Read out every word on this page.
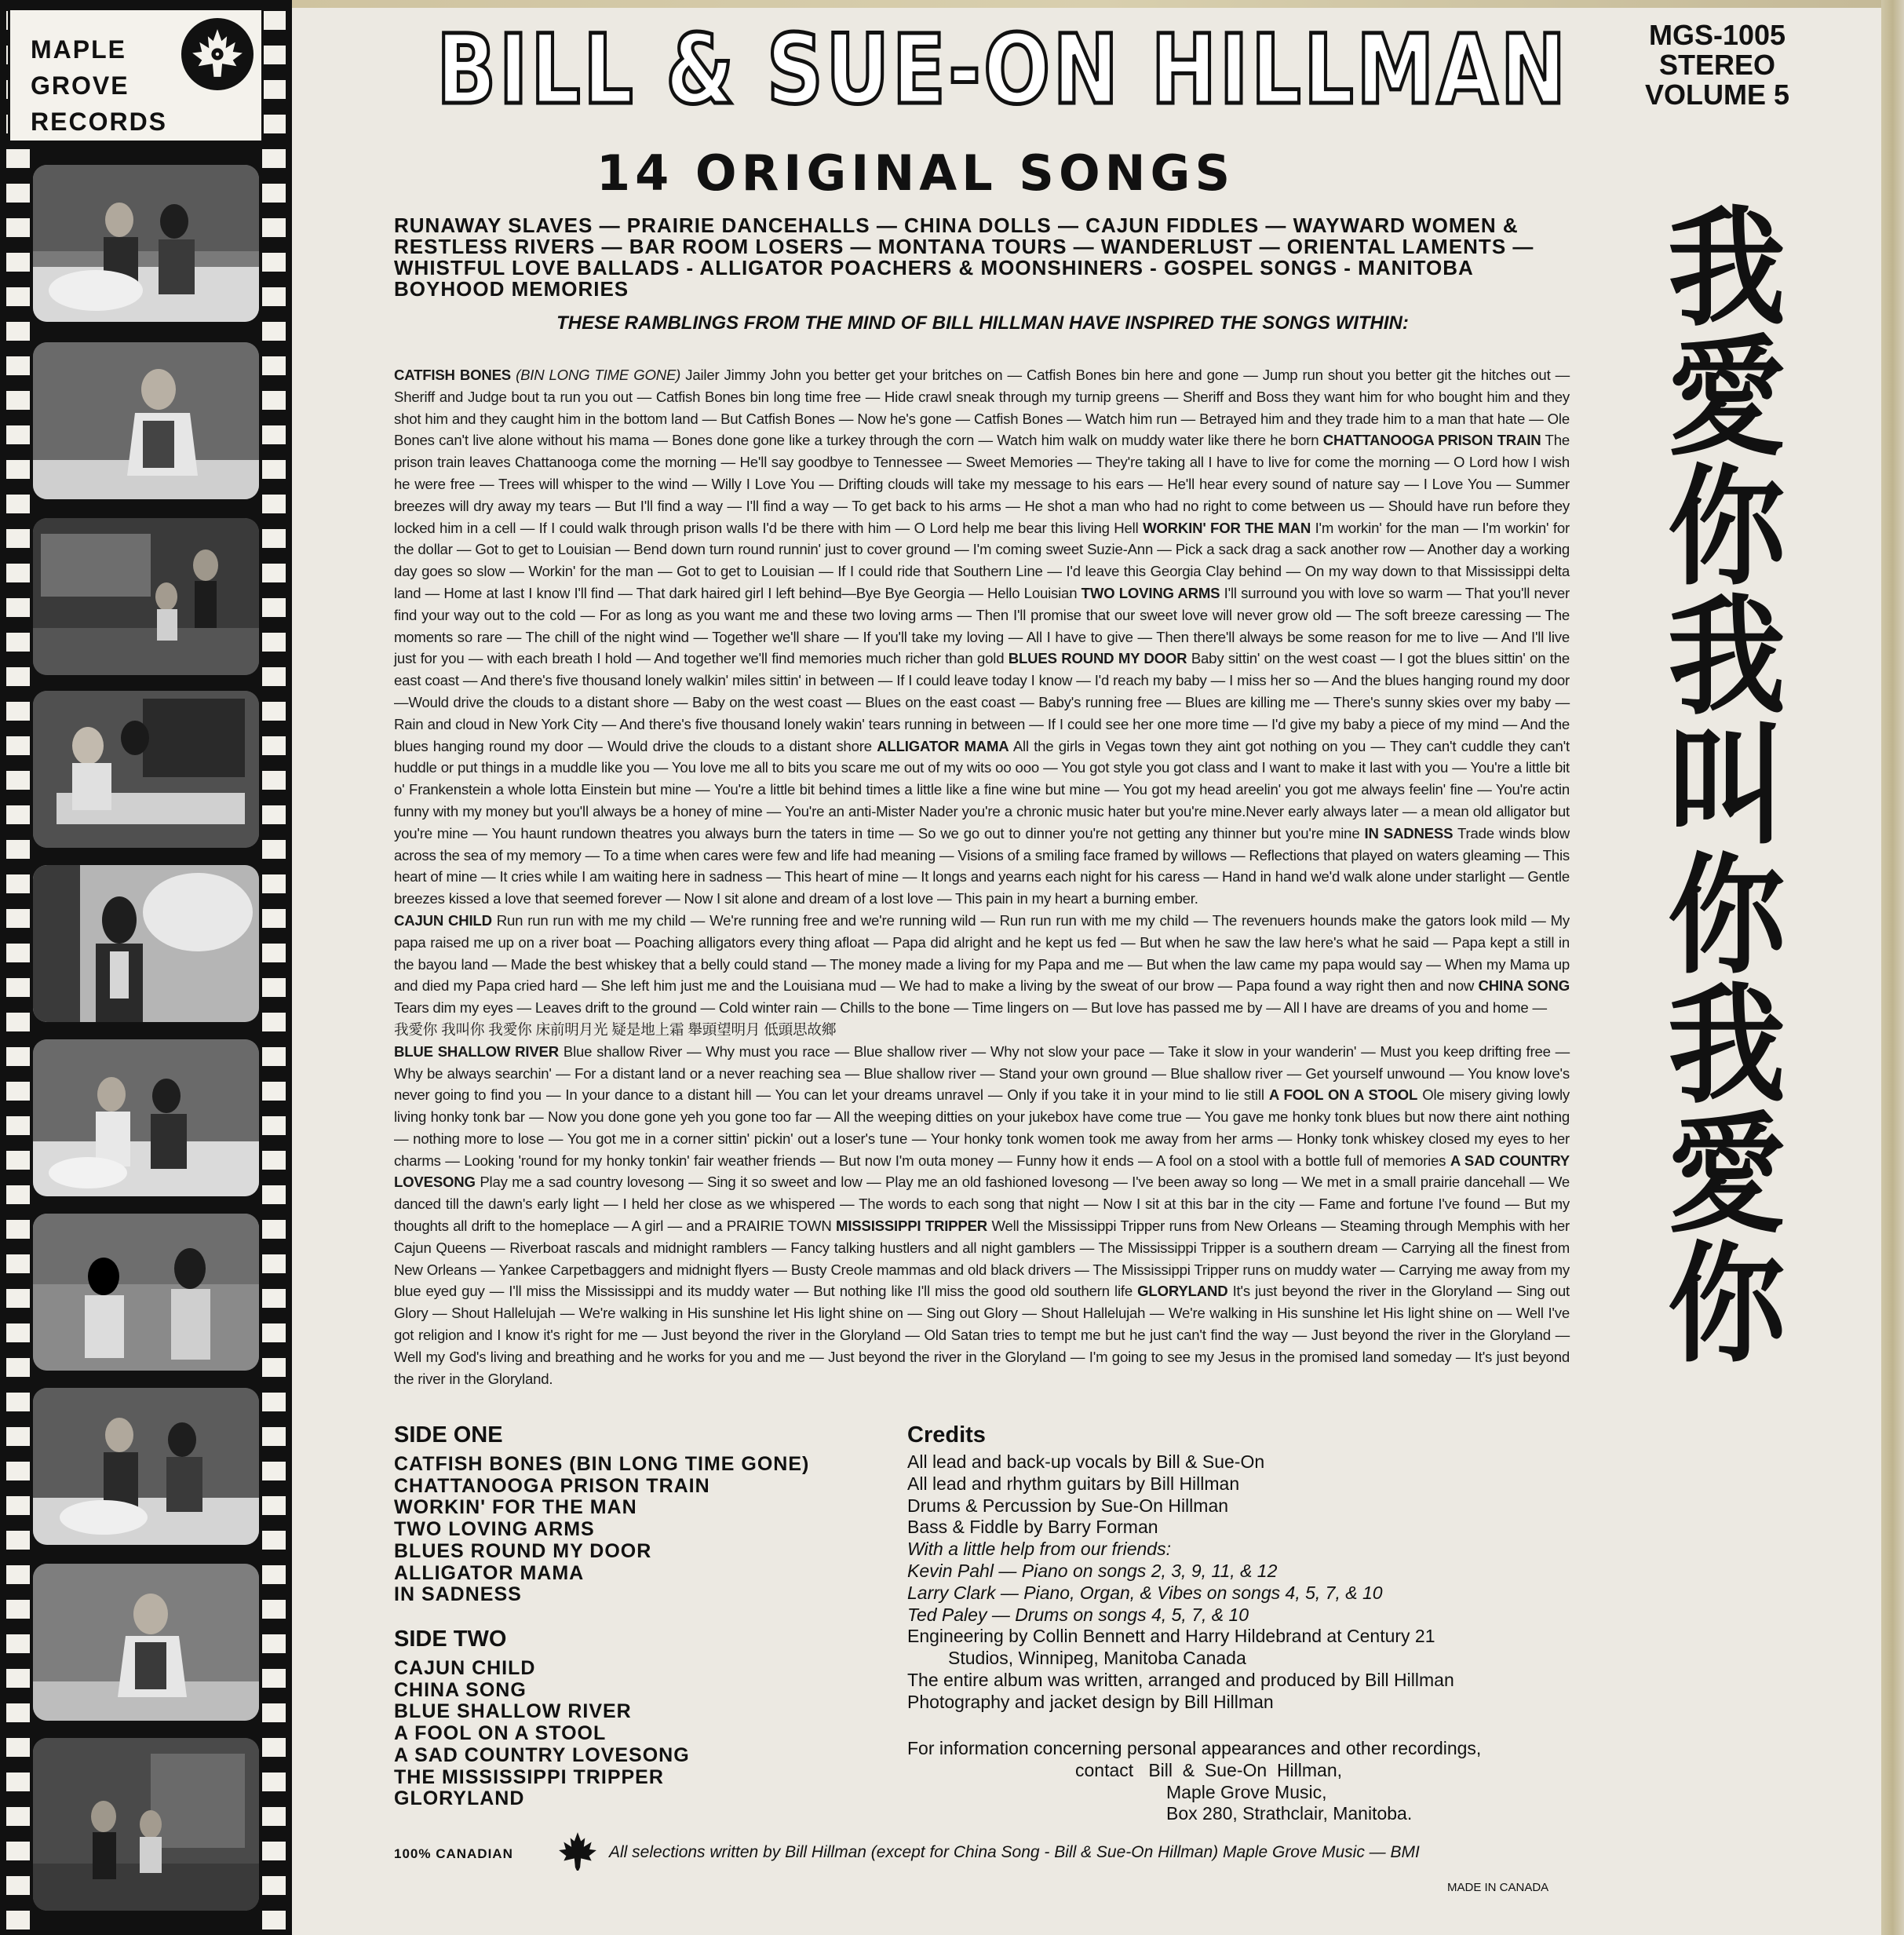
MAPLE
GROVE
RECORDS	BILL & SUE-ON HILLMAN
14 ORIGINAL SONGS
MGS-1005
STEREO
VOLUME 5
RUNAWAY SLAVES — PRAIRIE DANCEHALLS — CHINA DOLLS — CAJUN FIDDLES — WAYWARD WOMEN & RESTLESS RIVERS — BAR ROOM LOSERS — MONTANA TOURS — WANDERLUST — ORIENTAL LAMENTS — WHISTFUL LOVE BALLADS - ALLIGATOR POACHERS & MOONSHINERS - GOSPEL SONGS - MANITOBA BOYHOOD MEMORIES
THESE RAMBLINGS FROM THE MIND OF BILL HILLMAN HAVE INSPIRED THE SONGS WITHIN:

CATFISH BONES (BIN LONG TIME GONE) Jailer Jimmy John you better get your britches on — Catfish Bones bin here and gone — Jump run shout you better git the hitches out — Sheriff and Judge bout ta run you out — Catfish Bones bin long time free — Hide crawl sneak through my turnip greens — Sheriff and Boss they want him for who bought him and they shot him and they caught him in the bottom land — But Catfish Bones — Now he's gone — Catfish Bones — Watch him run — Betrayed him and they trade him to a man that hate — Ole Bones can't live alone without his mama — Bones done gone like a turkey through the corn — Watch him walk on muddy water like there he born CHATTANOOGA PRISON TRAIN The prison train leaves Chattanooga come the morning — He'll say goodbye to Tennessee — Sweet Memories — They're taking all I have to live for come the morning — O Lord how I wish he were free — Trees will whisper to the wind — Willy I Love You — Drifting clouds will take my message to his ears — He'll hear every sound of nature say — I Love You — Summer breezes will dry away my tears — But I'll find a way — I'll find a way — To get back to his arms — He shot a man who had no right to come between us — Should have run before they locked him in a cell — If I could walk through prison walls I'd be there with him — O Lord help me bear this living Hell WORKIN' FOR THE MAN I'm workin' for the man — I'm workin' for the dollar — Got to get to Louisian — Bend down turn round runnin' just to cover ground — I'm coming sweet Suzie-Ann — Pick a sack drag a sack another row — Another day a working day goes so slow — Workin' for the man — Got to get to Louisian — If I could ride that Southern Line — I'd leave this Georgia Clay behind — On my way down to that Mississippi delta land — Home at last I know I'll find — That dark haired girl I left behind—Bye Bye Georgia — Hello Louisian TWO LOVING ARMS I'll surround you with love so warm — That you'll never find your way out to the cold — For as long as you want me and these two loving arms — Then I'll promise that our sweet love will never grow old — The soft breeze caressing — The moments so rare — The chill of the night wind — Together we'll share — If you'll take my loving — All I have to give — Then there'll always be some reason for me to live — And I'll live just for you — with each breath I hold — And together we'll find memories much richer than gold BLUES ROUND MY DOOR Baby sittin' on the west coast — I got the blues sittin' on the east coast — And there's five thousand lonely walkin' miles sittin' in between — If I could leave today I know — I'd reach my baby — I miss her so — And the blues hanging round my door—Would drive the clouds to a distant shore — Baby on the west coast — Blues on the east coast — Baby's running free — Blues are killing me — There's sunny skies over my baby — Rain and cloud in New York City — And there's five thousand lonely wakin' tears running in between — If I could see her one more time — I'd give my baby a piece of my mind — And the blues hanging round my door — Would drive the clouds to a distant shore ALLIGATOR MAMA All the girls in Vegas town they aint got nothing on you — They can't cuddle they can't huddle or put things in a muddle like you — You love me all to bits you scare me out of my wits oo ooo — You got style you got class and I want to make it last with you — You're a little bit o' Frankenstein a whole lotta Einstein but mine — You're a little bit behind times a little like a fine wine but mine — You got my head areelin' you got me always feelin' fine — You're actin funny with my money but you'll always be a honey of mine — You're an anti-Mister Nader you're a chronic music hater but you're mine.Never early always later — a mean old alligator but you're mine — You haunt rundown theatres you always burn the taters in time — So we go out to dinner you're not getting any thinner but you're mine IN SADNESS Trade winds blow across the sea of my memory — To a time when cares were few and life had meaning — Visions of a smiling face framed by willows — Reflections that played on waters gleaming — This heart of mine — It cries while I am waiting here in sadness — This heart of mine — It longs and yearns each night for his caress — Hand in hand we'd walk alone under starlight — Gentle breezes kissed a love that seemed forever — Now I sit alone and dream of a lost love — This pain in my heart a burning ember.

CAJUN CHILD Run run run with me my child — We're running free and we're running wild — Run run run with me my child — The revenuers hounds make the gators look mild — My papa raised me up on a river boat — Poaching alligators every thing afloat — Papa did alright and he kept us fed — But when he saw the law here's what he said — Papa kept a still in the bayou land — Made the best whiskey that a belly could stand — The money made a living for my Papa and me — But when the law came my papa would say — When my Mama up and died my Papa cried hard — She left him just me and the Louisiana mud — We had to make a living by the sweat of our brow — Papa found a way right then and now CHINA SONG Tears dim my eyes — Leaves drift to the ground — Cold winter rain — Chills to the bone — Time lingers on — But love has passed me by — All I have are dreams of you and home —
我愛你 我叫你 我愛你 床前明月光 疑是地上霜 舉頭望明月 低頭思故鄉

BLUE SHALLOW RIVER Blue shallow River — Why must you race — Blue shallow river — Why not slow your pace — Take it slow in your wanderin' — Must you keep drifting free — Why be always searchin' — For a distant land or a never reaching sea — Blue shallow river — Stand your own ground — Blue shallow river — Get yourself unwound — You know love's never going to find you — In your dance to a distant hill — You can let your dreams unravel — Only if you take it in your mind to lie still A FOOL ON A STOOL Ole misery giving lowly living honky tonk bar — Now you done gone yeh you gone too far — All the weeping ditties on your jukebox have come true — You gave me honky tonk blues but now there aint nothing — nothing more to lose — You got me in a corner sittin' pickin' out a loser's tune — Your honky tonk women took me away from her arms — Honky tonk whiskey closed my eyes to her charms — Looking 'round for my honky tonkin' fair weather friends — But now I'm outa money — Funny how it ends — A fool on a stool with a bottle full of memories A SAD COUNTRY LOVESONG Play me a sad country lovesong — Sing it so sweet and low — Play me an old fashioned lovesong — I've been away so long — We met in a small prairie dancehall — We danced till the dawn's early light — I held her close as we whispered — The words to each song that night — Now I sit at this bar in the city — Fame and fortune I've found — But my thoughts all drift to the homeplace — A girl — and a PRAIRIE TOWN MISSISSIPPI TRIPPER Well the Mississippi Tripper runs from New Orleans — Steaming through Memphis with her Cajun Queens — Riverboat rascals and midnight ramblers — Fancy talking hustlers and all night gamblers — The Mississippi Tripper is a southern dream — Carrying all the finest from New Orleans — Yankee Carpetbaggers and midnight flyers — Busty Creole mammas and old black drivers — The Mississippi Tripper runs on muddy water — Carrying me away from my blue eyed guy — I'll miss the Mississippi and its muddy water — But nothing like I'll miss the good old southern life GLORYLAND It's just beyond the river in the Gloryland — Sing out Glory — Shout Hallelujah — We're walking in His sunshine let His light shine on — Sing out Glory — Shout Hallelujah — We're walking in His sunshine let His light shine on — Well I've got religion and I know it's right for me — Just beyond the river in the Gloryland — Old Satan tries to tempt me but he just can't find the way — Just beyond the river in the Gloryland — Well my God's living and breathing and he works for you and me — Just beyond the river in the Gloryland — I'm going to see my Jesus in the promised land someday — It's just beyond the river in the Gloryland.

SIDE ONE
CATFISH BONES (BIN LONG TIME GONE)
CHATTANOOGA PRISON TRAIN
WORKIN' FOR THE MAN
TWO LOVING ARMS
BLUES ROUND MY DOOR
ALLIGATOR MAMA
IN SADNESS
SIDE TWO
CAJUN CHILD
CHINA SONG
BLUE SHALLOW RIVER
A FOOL ON A STOOL
A SAD COUNTRY LOVESONG
THE MISSISSIPPI TRIPPER
GLORYLAND
Credits
All lead and back-up vocals by Bill & Sue-On
All lead and rhythm guitars by Bill Hillman
Drums & Percussion by Sue-On Hillman
Bass & Fiddle by Barry Forman
With a little help from our friends:
Kevin Pahl — Piano on songs 2, 3, 9, 11, & 12
Larry Clark — Piano, Organ, & Vibes on songs 4, 5, 7, & 10
Ted Paley — Drums on songs 4, 5, 7, & 10
Engineering by Collin Bennett and Harry Hildebrand at Century 21
Studios, Winnipeg, Manitoba Canada
The entire album was written, arranged and produced by Bill Hillman
Photography and jacket design by Bill Hillman
For information concerning personal appearances and other recordings,
contact   Bill  &  Sue-On  Hillman,
Maple Grove Music,
Box 280, Strathclair, Manitoba.
100% CANADIAN	All selections written by Bill Hillman (except for China Song - Bill & Sue-On Hillman) Maple Grove Music — BMI
MADE IN CANADA
我
愛
你
我
叫
你
我
愛
你
